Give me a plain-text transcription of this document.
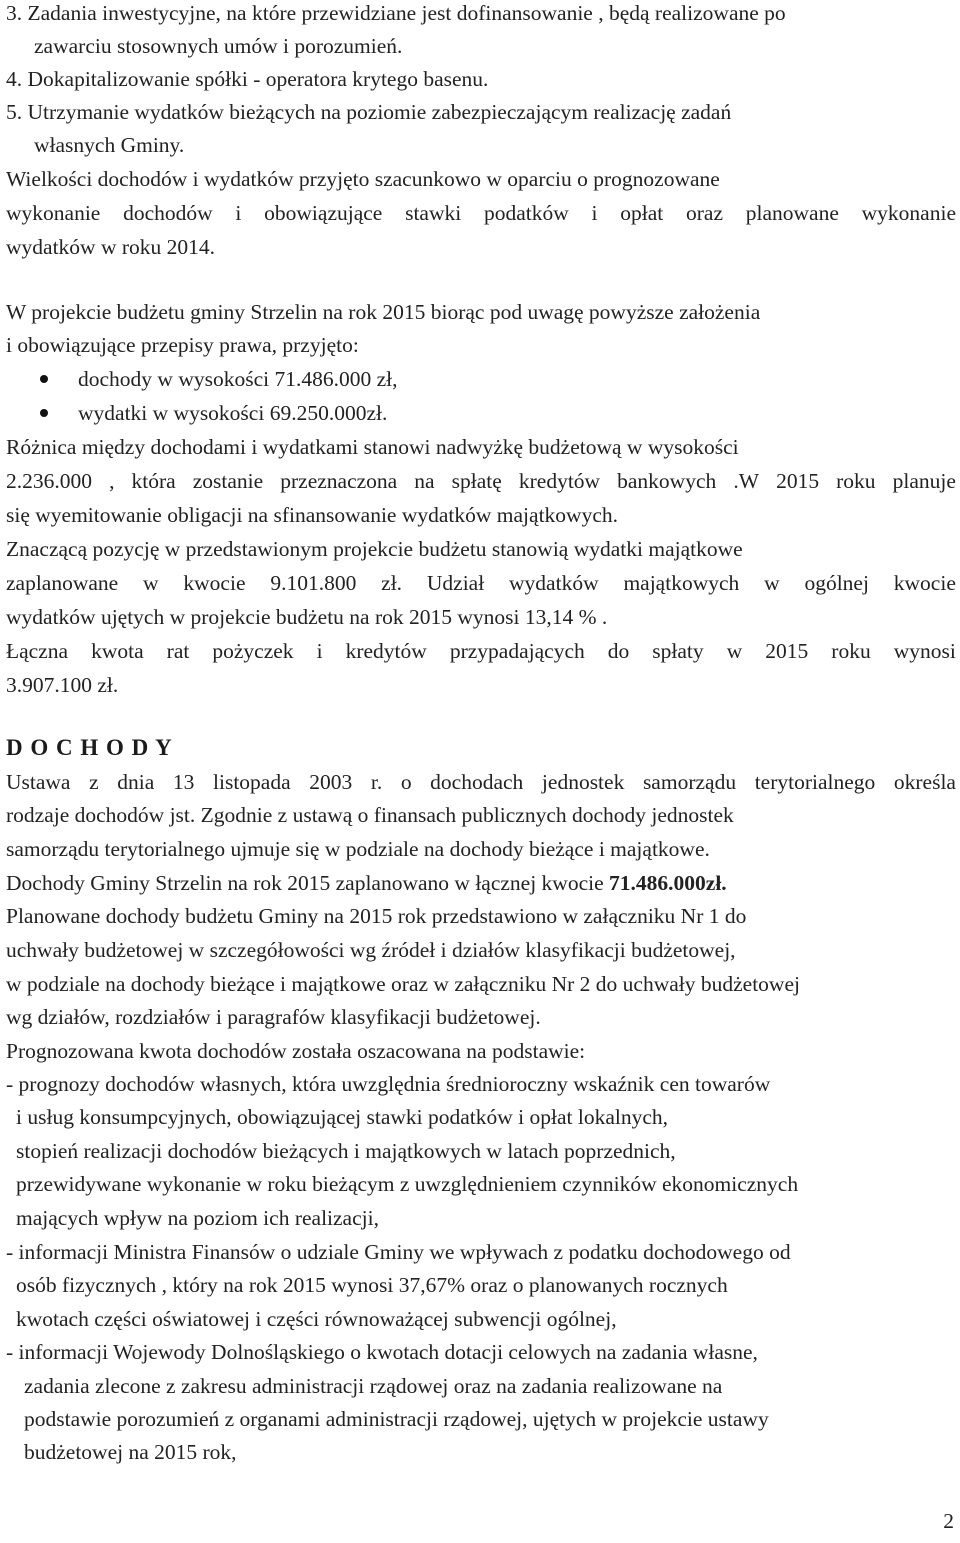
3. Zadania inwestycyjne, na które przewidziane jest dofinansowanie , będą realizowane po
zawarciu stosownych umów i porozumień.
4. Dokapitalizowanie spółki - operatora krytego basenu.
5. Utrzymanie wydatków bieżących na poziomie zabezpieczającym realizację zadań
własnych Gminy.
Wielkości dochodów i wydatków przyjęto szacunkowo w oparciu o prognozowane
wykonanie dochodów i obowiązujące stawki podatków i opłat oraz planowane wykonanie
wydatków w roku 2014.
W projekcie budżetu gminy Strzelin na rok 2015 biorąc pod uwagę powyższe założenia
i obowiązujące przepisy prawa, przyjęto:
dochody w wysokości 71.486.000 zł,
wydatki w wysokości 69.250.000zł.
Różnica między dochodami i wydatkami stanowi nadwyżkę budżetową w wysokości
2.236.000 , która zostanie przeznaczona na spłatę kredytów bankowych .W 2015 roku planuje
się wyemitowanie obligacji na sfinansowanie wydatków majątkowych.
Znaczącą pozycję w przedstawionym projekcie budżetu stanowią wydatki majątkowe
zaplanowane w kwocie 9.101.800 zł. Udział wydatków majątkowych w ogólnej kwocie
wydatków ujętych w projekcie budżetu na rok 2015 wynosi 13,14 % .
Łączna kwota rat pożyczek i kredytów przypadających do spłaty w 2015 roku wynosi
3.907.100 zł.
D O C H O D Y
Ustawa z dnia 13 listopada 2003 r. o dochodach jednostek samorządu terytorialnego określa
rodzaje dochodów jst. Zgodnie z ustawą o finansach publicznych dochody jednostek
samorządu terytorialnego ujmuje się w podziale na dochody bieżące i majątkowe.
Dochody Gminy Strzelin na rok 2015 zaplanowano w łącznej kwocie 71.486.000zł.
Planowane dochody budżetu Gminy na 2015 rok przedstawiono w załączniku Nr 1 do
uchwały budżetowej w szczegółowości wg źródeł i działów klasyfikacji budżetowej,
w podziale na dochody bieżące i majątkowe oraz w załączniku Nr 2 do uchwały budżetowej
wg działów, rozdziałów i paragrafów klasyfikacji budżetowej.
Prognozowana kwota dochodów została oszacowana na podstawie:
- prognozy dochodów własnych, która uwzględnia średnioroczny wskaźnik cen towarów
i usług konsumpcyjnych, obowiązującej stawki podatków i opłat lokalnych,
stopień realizacji dochodów bieżących i majątkowych w latach poprzednich,
przewidywane wykonanie w roku bieżącym z uwzględnieniem czynników ekonomicznych
mających wpływ na poziom ich realizacji,
- informacji Ministra Finansów o udziale Gminy we wpływach z podatku dochodowego od
osób fizycznych , który na rok 2015 wynosi 37,67% oraz o planowanych rocznych
kwotach części oświatowej i części równoważącej subwencji ogólnej,
- informacji Wojewody Dolnośląskiego o kwotach dotacji celowych na zadania własne,
zadania zlecone z zakresu administracji rządowej oraz na zadania realizowane na
podstawie porozumień z organami administracji rządowej, ujętych w projekcie ustawy
budżetowej na 2015 rok,
2
